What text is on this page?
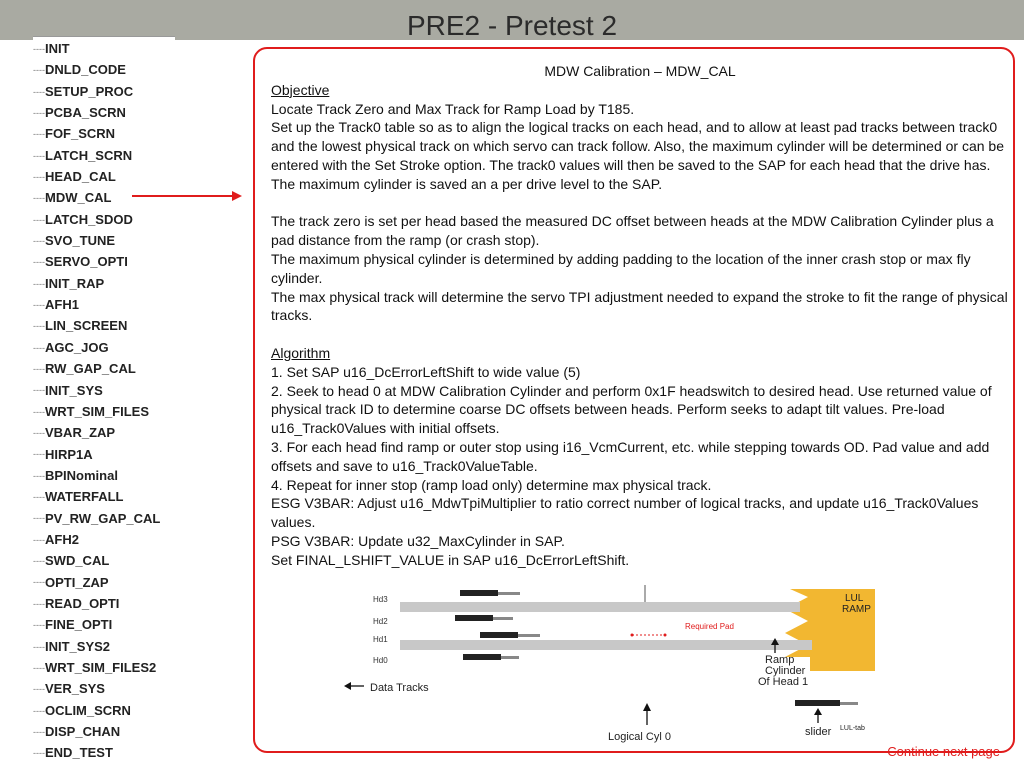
PRE2 - Pretest 2
----INIT
----DNLD_CODE
----SETUP_PROC
----PCBA_SCRN
----FOF_SCRN
----LATCH_SCRN
----HEAD_CAL
----MDW_CAL
----LATCH_SDOD
----SVO_TUNE
----SERVO_OPTI
----INIT_RAP
----AFH1
----LIN_SCREEN
----AGC_JOG
----RW_GAP_CAL
----INIT_SYS
----WRT_SIM_FILES
----VBAR_ZAP
----HIRP1A
----BPINominal
----WATERFALL
----PV_RW_GAP_CAL
----AFH2
----SWD_CAL
----OPTI_ZAP
----READ_OPTI
----FINE_OPTI
----INIT_SYS2
----WRT_SIM_FILES2
----VER_SYS
----OCLIM_SCRN
----DISP_CHAN
----END_TEST

MDW Calibration – MDW_CAL

Objective

Locate Track Zero and Max Track for Ramp Load by T185.

Set up the Track0 table so as to align the logical tracks on each head, and to allow at least pad tracks between track0 and the lowest physical track on which servo can track follow. Also, the maximum cylinder will be determined or can be entered with the Set Stroke option. The track0 values will then be saved to the SAP for each head that the drive has. The maximum cylinder is saved an a per drive level to the SAP.

The track zero is set per head based the measured DC offset between heads at the MDW Calibration Cylinder plus a pad distance from the ramp (or crash stop).

The maximum physical cylinder is determined by adding padding to the location of the inner crash stop or max fly cylinder.

The max physical track will determine the servo TPI adjustment needed to expand the stroke to fit the range of physical tracks.

Algorithm

1. Set SAP u16_DcErrorLeftShift to wide value (5)

2. Seek to head 0 at MDW Calibration Cylinder and perform 0x1F headswitch to desired head. Use returned value of physical track ID to determine coarse DC offsets between heads. Perform seeks to adapt tilt values. Pre-load u16_Track0Values with initial offsets.

3. For each head find ramp or outer stop using i16_VcmCurrent, etc. while stepping towards OD. Pad value and add offsets and save to u16_Track0ValueTable.

4. Repeat for inner stop (ramp load only) determine max physical track.

ESG V3BAR: Adjust u16_MdwTpiMultiplier to ratio correct number of logical tracks, and update u16_Track0Values values.

PSG V3BAR: Update u32_MaxCylinder in SAP.

Set FINAL_LSHIFT_VALUE in SAP u16_DcErrorLeftShift.

LUL
RAMP
Hd3
Hd2
Hd1
Hd0
Required Pad
Ramp
Cylinder
Of Head 1
Data Tracks
Logical Cyl 0	slider LUL-tab
Continue next page
